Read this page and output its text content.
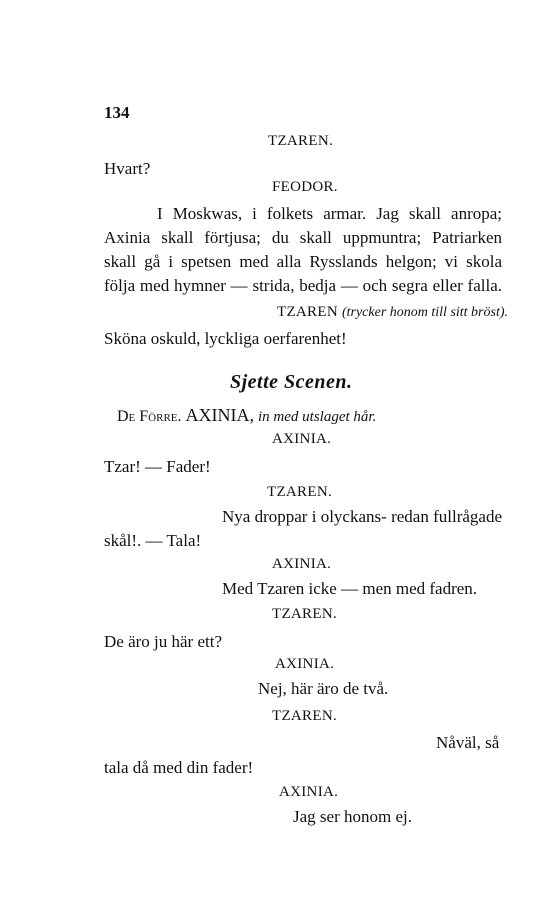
134
TZAREN.
Hvart?
FEODOR.
I Moskwas, i folkets armar. Jag skall anropa;
Axinia skall förtjusa; du skall uppmuntra; Patriarken
skall gå i spetsen med alla Rysslands helgon; vi skola
följa med hymner — strida, bedja — och segra eller falla.
TZAREN (trycker honom till sitt bröst).
Sköna oskuld, lyckliga oerfarenhet!
Sjette Scenen.
De Förre. AXINIA, in med utslaget hår.
AXINIA.
Tzar! — Fader!
TZAREN.
Nya droppar i olyckans- redan fullrågade
skål!. — Tala!
AXINIA.
Med Tzaren icke — men med fadren.
TZAREN.
De äro ju här ett?
AXINIA.
Nej, här äro de två.
TZAREN.
Nåväl, så
tala då med din fader!
AXINIA.
Jag ser honom ej.
